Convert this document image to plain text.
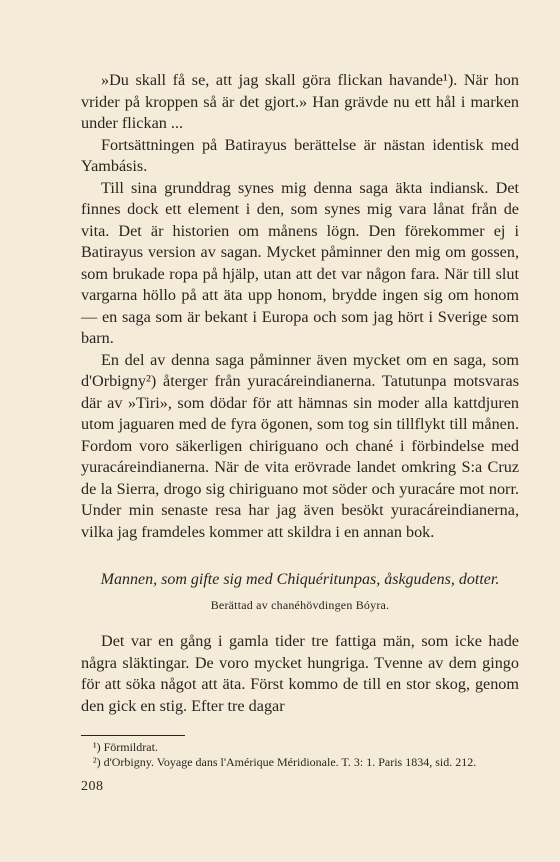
»Du skall få se, att jag skall göra flickan havande¹). När hon vrider på kroppen så är det gjort.» Han grävde nu ett hål i marken under flickan ...

Fortsättningen på Batirayus berättelse är nästan identisk med Yambásis.

Till sina grunddrag synes mig denna saga äkta indiansk. Det finnes dock ett element i den, som synes mig vara lånat från de vita. Det är historien om månens lögn. Den förekommer ej i Batirayus version av sagan. Mycket påminner den mig om gossen, som brukade ropa på hjälp, utan att det var någon fara. När till slut vargarna höllo på att äta upp honom, brydde ingen sig om honom — en saga som är bekant i Europa och som jag hört i Sverige som barn.

En del av denna saga påminner även mycket om en saga, som d'Orbigny²) återger från yuracáreindianerna. Tatutunpa motsvaras där av »Tiri», som dödar för att hämnas sin moder alla kattdjuren utom jaguaren med de fyra ögonen, som tog sin tillflykt till månen. Fordom voro säkerligen chiriguano och chané i förbindelse med yuracáreindianerna. När de vita erövrade landet omkring S:a Cruz de la Sierra, drogo sig chiriguano mot söder och yuracáre mot norr. Under min senaste resa har jag även besökt yuracáreindianerna, vilka jag framdeles kommer att skildra i en annan bok.

Mannen, som gifte sig med Chiquéritunpas, åskgudens, dotter.
Berättad av chanéhövdingen Bóyra.

Det var en gång i gamla tider tre fattiga män, som icke hade några släktingar. De voro mycket hungriga. Tvenne av dem gingo för att söka något att äta. Först kommo de till en stor skog, genom den gick en stig. Efter tre dagar

¹) Förmildrat.

²) d'Orbigny. Voyage dans l'Amérique Méridionale. T. 3: 1. Paris 1834, sid. 212.

208
